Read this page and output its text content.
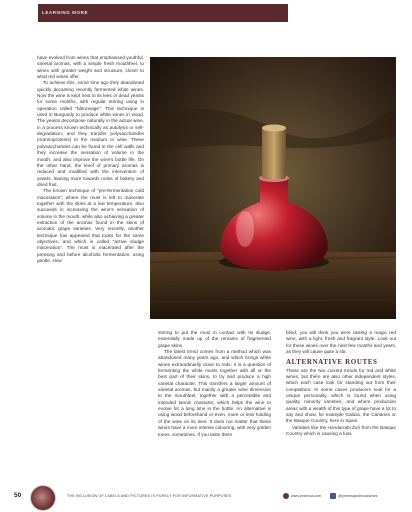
LEARNING MORE

have evolved from wines that emphasised youthful, varietal aromas, with a simple fresh mouthfeel, to wines with greater weight and structure, closer to what red wines offer.

To achieve this, some time ago they abandoned quickly decanting recently fermented white wines. Now the wine is kept next to its lees or dead yeasts for some months, with regular stirring using in operation called "bâtonnage". This technique is used in Burgundy to produce white wines in wood. The yeasts decompose naturally in the actual wine, in a process known technically as autolysis or self-degradation, and they transfer polysaccharides (mannoproteins) to the medium or wine. These polysaccharides can be found in the cell walls and they increase the sensation of volume in the mouth, and also improve the wine's bottle life. On the other hand, the level of primary aromas is reduced and modified with the intervention of yeasts, leaning more towards notes of bakery and dried fruit.

The known technique of "pre-fermentation cold maceration", where the must is left to macerate together with the skins at a low temperature, also succeeds in increasing the wine's sensation of volume in the mouth, while also achieving a greater extraction of the aromas found in the skins of aromatic grape varieties. Very recently, another technique has appeared that looks for the same objectives, and which is called "active sludge maceration". The must is macerated after the pressing and before alcoholic fermentation, using gentle, slow

stirring to put the must in contact with its sludge, essentially made up of the remains of fragmented grape skins.

The latest trend comes from a method which was abandoned many years ago, and which brings white wines extraordinarily close to reds: it is a question of fermenting the white musts together with all or the best part of their skins, to try and produce a high varietal character. This transfers a larger amount of varietal aromas, but mainly a greater wine dimension to the mouthfeel, together with a perceptible and intended tannin character, which helps the wine to evolve for a long time in the bottle. An alternative is using wood beforehand or even, more or less holding of the wine on its lees. It does not matter that these wines have a more intense colouring, with very golden tones, sometimes. If you taste them

blind, you will think you were tasting a magic red wine, with a light, fresh and fragrant style. Look out for these wines over the next few months and years, as they will cause quite a stir.

ALTERNATIVE ROUTES

These are the two current trends for red and white wines, but there are also other independent styles, which each case look for standing out from their competitors. In some cases producers look for a unique personality, which is found when using quality, minority varieties, and where production areas with a wealth of this type of grape have a lot to say and show, for example Galicia, the Canaries or the Basque Country, here in Spain.

Varieties like the Hondarrabi Zuri from the Basque Country which is causing a fuss

50	THE INCLUSION OF LABELS AND PICTURES IS PURELY FOR INFORMATIVE PURPOSES	www.proensa.com	@proensapublicaciones
